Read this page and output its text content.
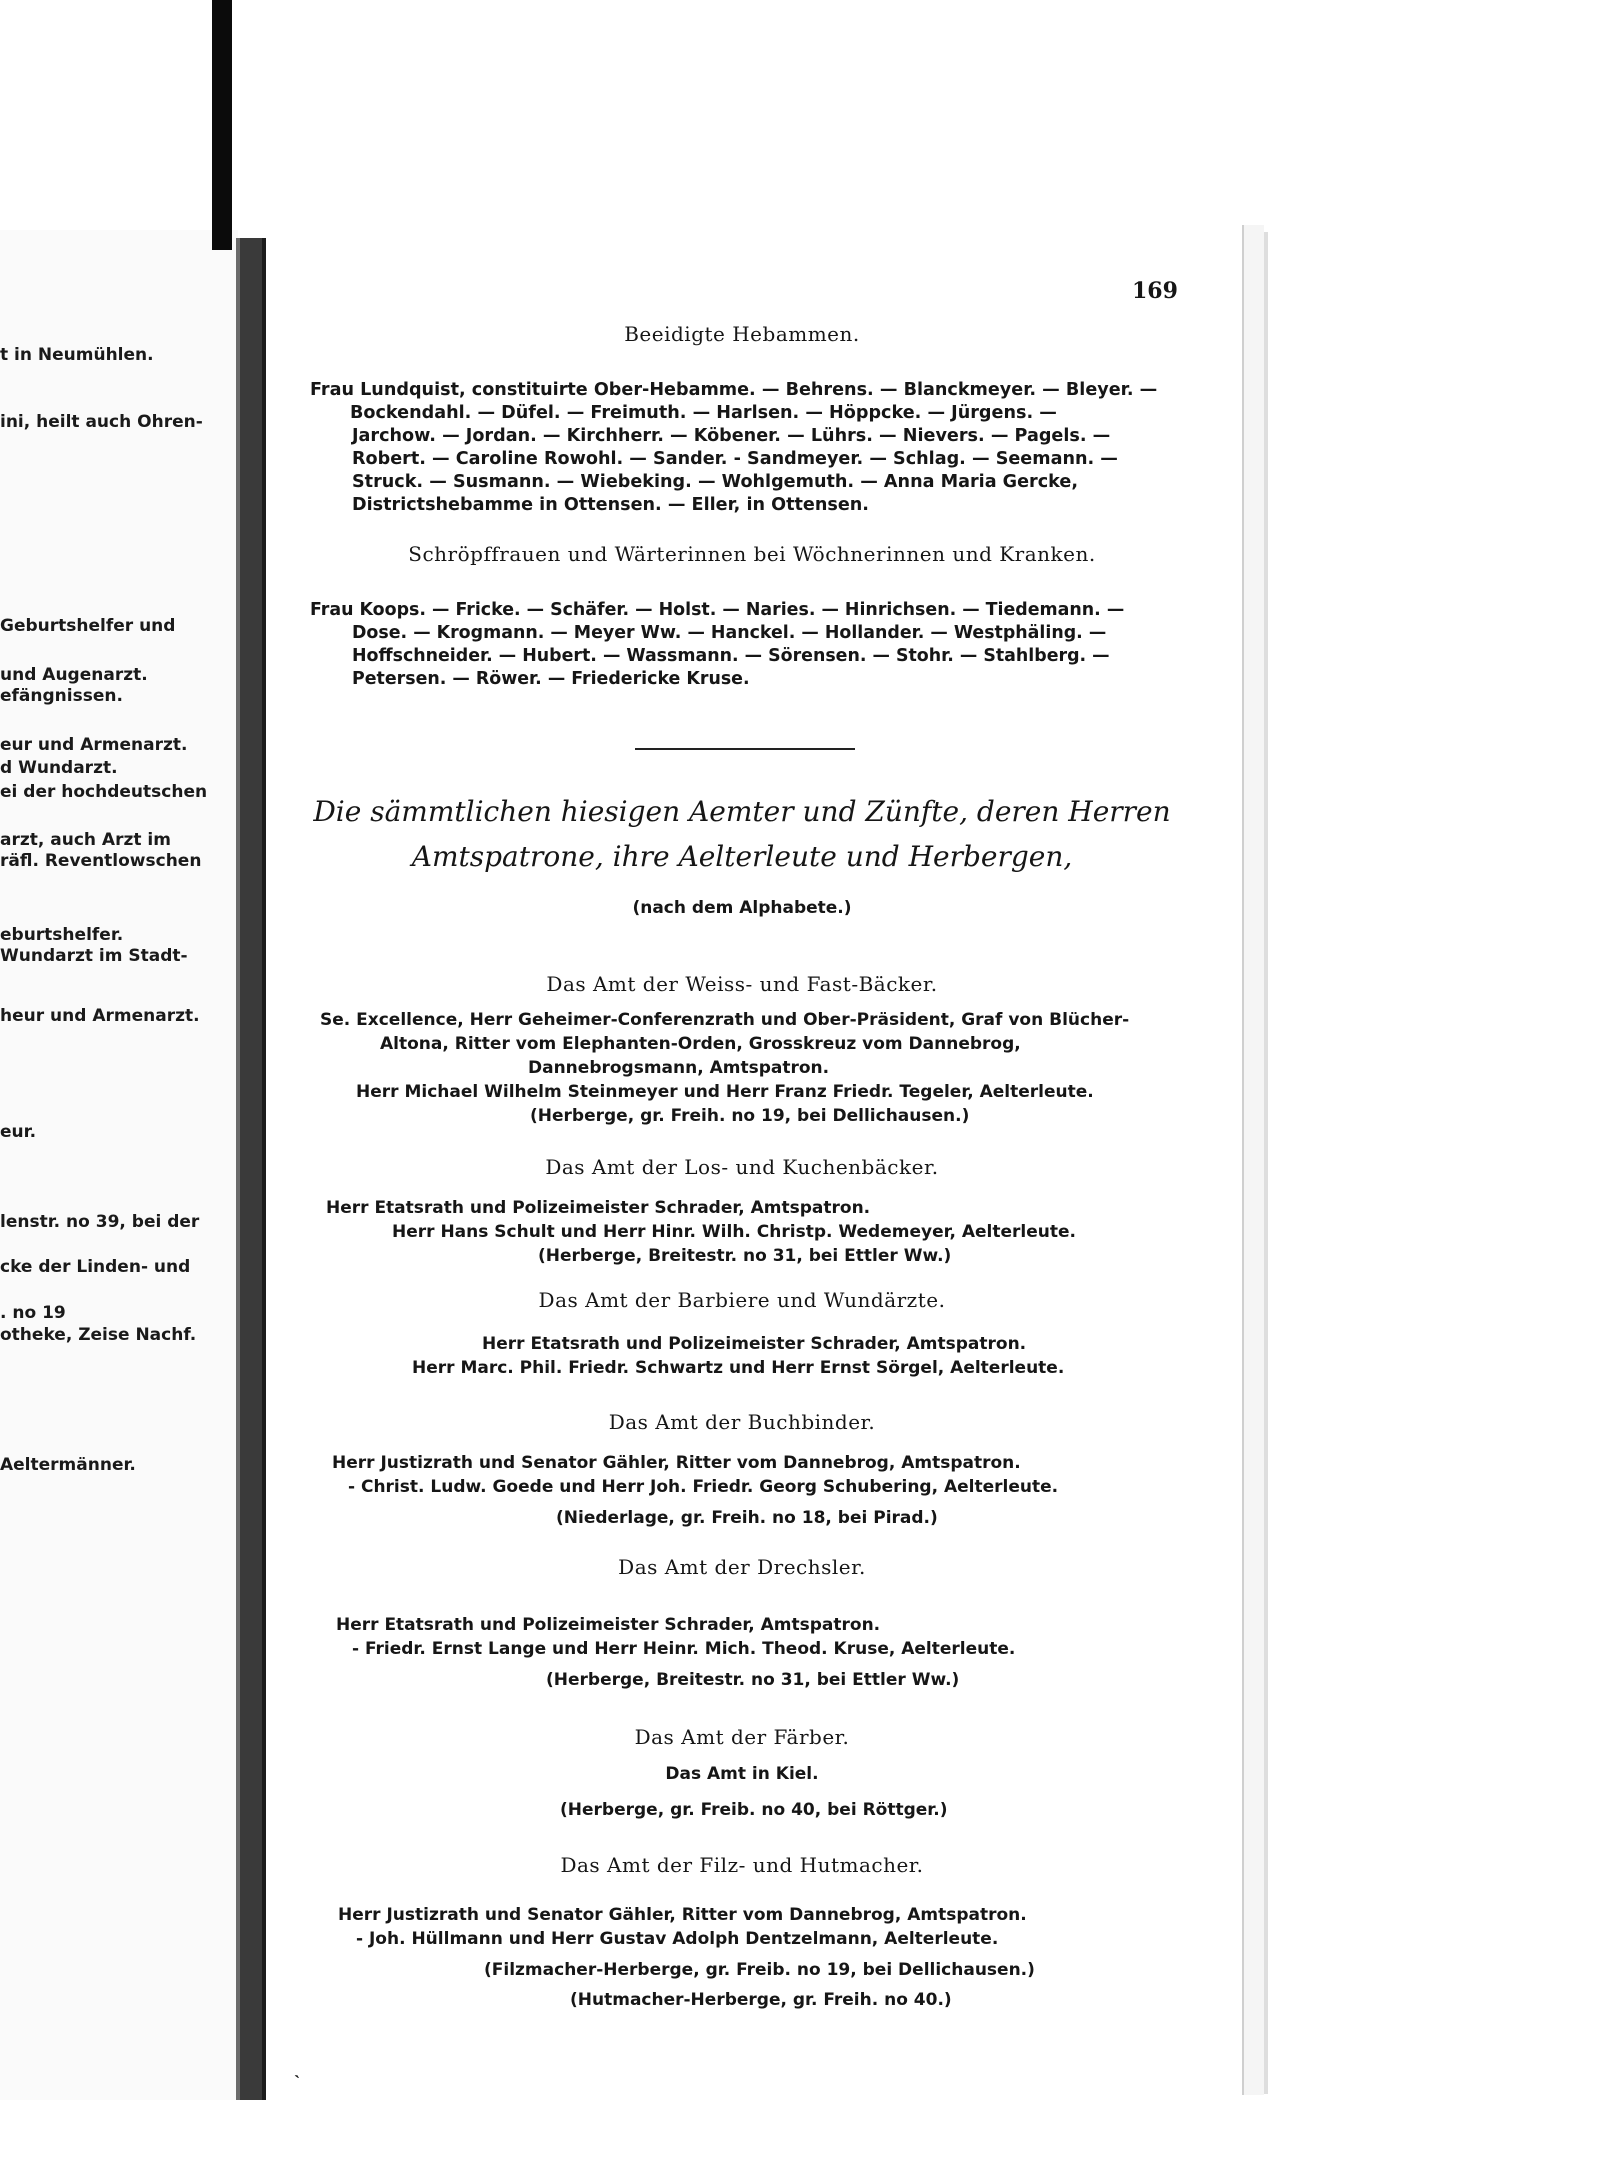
t in Neumühlen.
ini, heilt auch Ohren-
Geburtshelfer und
und Augenarzt.
efängnissen.
eur und Armenarzt.
d Wundarzt.
ei der hochdeutschen
arzt, auch Arzt im
räfl. Reventlowschen
eburtshelfer.
Wundarzt im Stadt-
heur und Armenarzt.
eur.
lenstr. no 39, bei der
cke der Linden- und
. no 19
otheke, Zeise Nachf.
Aeltermänner.
169
Beeidigte Hebammen.
Frau Lundquist, constituirte Ober-Hebamme. — Behrens. — Blanckmeyer. — Bleyer. —
Bockendahl. — Düfel. — Freimuth. — Harlsen. — Höppcke. — Jürgens. —
Jarchow. — Jordan. — Kirchherr. — Köbener. — Lührs. — Nievers. — Pagels. —
Robert. — Caroline Rowohl. — Sander. - Sandmeyer. — Schlag. — Seemann. —
Struck. — Susmann. — Wiebeking. — Wohlgemuth. — Anna Maria Gercke,
Districtshebamme in Ottensen. — Eller, in Ottensen.
Schröpffrauen und Wärterinnen bei Wöchnerinnen und Kranken.
Frau Koops. — Fricke. — Schäfer. — Holst. — Naries. — Hinrichsen. — Tiedemann. —
Dose. — Krogmann. — Meyer Ww. — Hanckel. — Hollander. — Westphäling. —
Hoffschneider. — Hubert. — Wassmann. — Sörensen. — Stohr. — Stahlberg. —
Petersen. — Röwer. — Friedericke Kruse.
Die sämmtlichen hiesigen Aemter und Zünfte, deren Herren
Amtspatrone, ihre Aelterleute und Herbergen,
(nach dem Alphabete.)
Das Amt der Weiss- und Fast-Bäcker.
Se. Excellence, Herr Geheimer-Conferenzrath und Ober-Präsident, Graf von Blücher-
Altona, Ritter vom Elephanten-Orden, Grosskreuz vom Dannebrog,
Dannebrogsmann, Amtspatron.
Herr Michael Wilhelm Steinmeyer und Herr Franz Friedr. Tegeler, Aelterleute.
(Herberge, gr. Freih. no 19, bei Dellichausen.)
Das Amt der Los- und Kuchenbäcker.
Herr Etatsrath und Polizeimeister Schrader, Amtspatron.
Herr Hans Schult und Herr Hinr. Wilh. Christp. Wedemeyer, Aelterleute.
(Herberge, Breitestr. no 31, bei Ettler Ww.)
Das Amt der Barbiere und Wundärzte.
Herr Etatsrath und Polizeimeister Schrader, Amtspatron.
Herr Marc. Phil. Friedr. Schwartz und Herr Ernst Sörgel, Aelterleute.
Das Amt der Buchbinder.
Herr Justizrath und Senator Gähler, Ritter vom Dannebrog, Amtspatron.
- Christ. Ludw. Goede und Herr Joh. Friedr. Georg Schubering, Aelterleute.
(Niederlage, gr. Freih. no 18, bei Pirad.)
Das Amt der Drechsler.
Herr Etatsrath und Polizeimeister Schrader, Amtspatron.
- Friedr. Ernst Lange und Herr Heinr. Mich. Theod. Kruse, Aelterleute.
(Herberge, Breitestr. no 31, bei Ettler Ww.)
Das Amt der Färber.
Das Amt in Kiel.
(Herberge, gr. Freib. no 40, bei Röttger.)
Das Amt der Filz- und Hutmacher.
Herr Justizrath und Senator Gähler, Ritter vom Dannebrog, Amtspatron.
- Joh. Hüllmann und Herr Gustav Adolph Dentzelmann, Aelterleute.
(Filzmacher-Herberge, gr. Freib. no 19, bei Dellichausen.)
(Hutmacher-Herberge, gr. Freih. no 40.)
ˎ
